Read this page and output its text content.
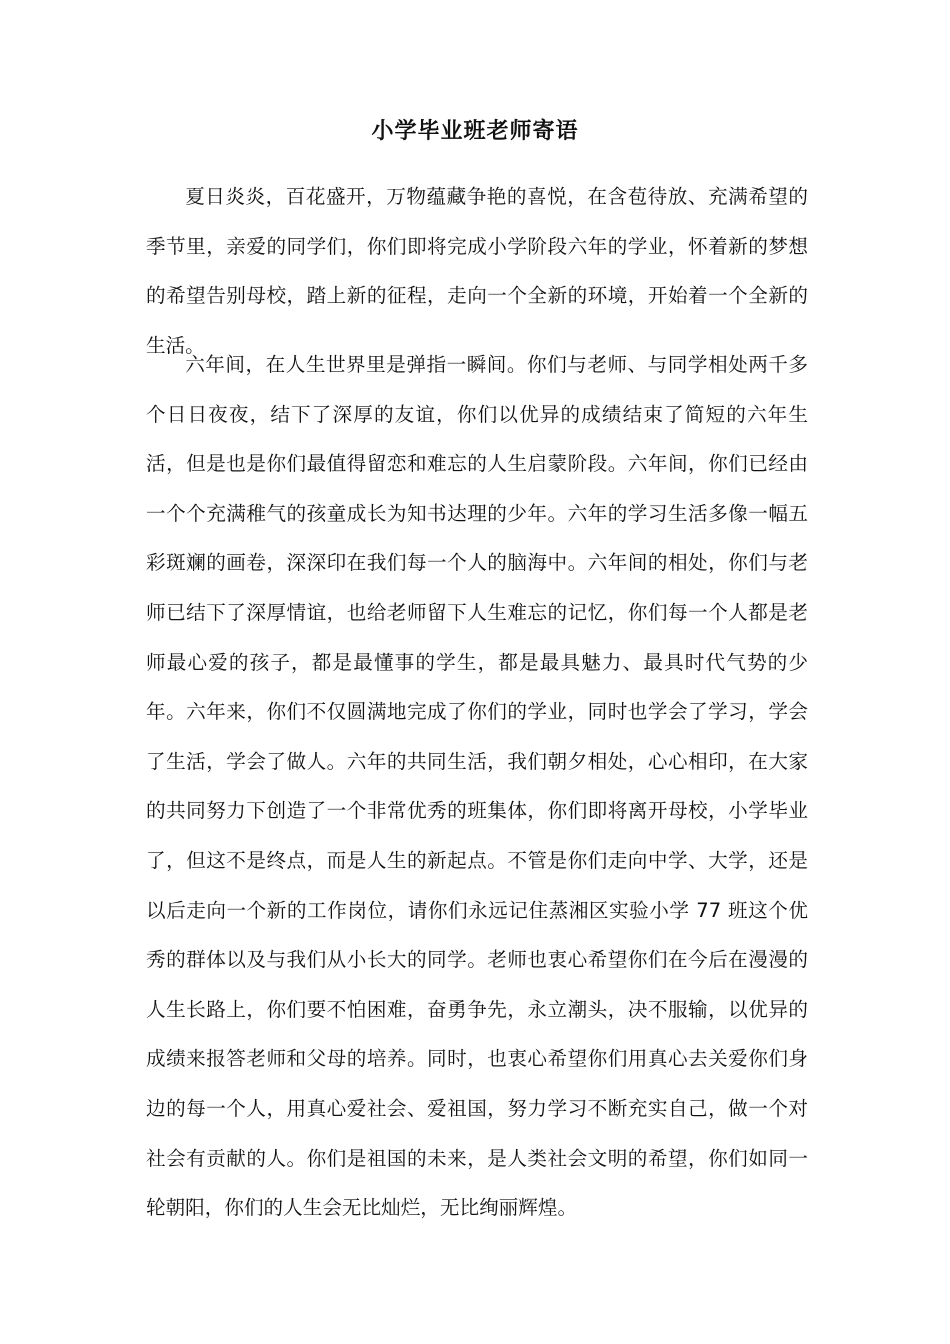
小学毕业班老师寄语

夏日炎炎，百花盛开，万物蕴藏争艳的喜悦，在含苞待放、充满希望的季节里，亲爱的同学们，你们即将完成小学阶段六年的学业，怀着新的梦想的希望告别母校，踏上新的征程，走向一个全新的环境，开始着一个全新的生活。

六年间，在人生世界里是弹指一瞬间。你们与老师、与同学相处两千多个日日夜夜，结下了深厚的友谊，你们以优异的成绩结束了简短的六年生活，但是也是你们最值得留恋和难忘的人生启蒙阶段。六年间，你们已经由一个个充满稚气的孩童成长为知书达理的少年。六年的学习生活多像一幅五彩斑斓的画卷，深深印在我们每一个人的脑海中。六年间的相处，你们与老师已结下了深厚情谊，也给老师留下人生难忘的记忆，你们每一个人都是老师最心爱的孩子，都是最懂事的学生，都是最具魅力、最具时代气势的少年。六年来，你们不仅圆满地完成了你们的学业，同时也学会了学习，学会了生活，学会了做人。六年的共同生活，我们朝夕相处，心心相印，在大家的共同努力下创造了一个非常优秀的班集体，你们即将离开母校，小学毕业了，但这不是终点，而是人生的新起点。不管是你们走向中学、大学，还是以后走向一个新的工作岗位，请你们永远记住蒸湘区实验小学 77 班这个优秀的群体以及与我们从小长大的同学。老师也衷心希望你们在今后在漫漫的人生长路上，你们要不怕困难，奋勇争先，永立潮头，决不服输，以优异的成绩来报答老师和父母的培养。同时，也衷心希望你们用真心去关爱你们身边的每一个人，用真心爱社会、爱祖国，努力学习不断充实自己，做一个对社会有贡献的人。你们是祖国的未来，是人类社会文明的希望，你们如同一轮朝阳，你们的人生会无比灿烂，无比绚丽辉煌。
